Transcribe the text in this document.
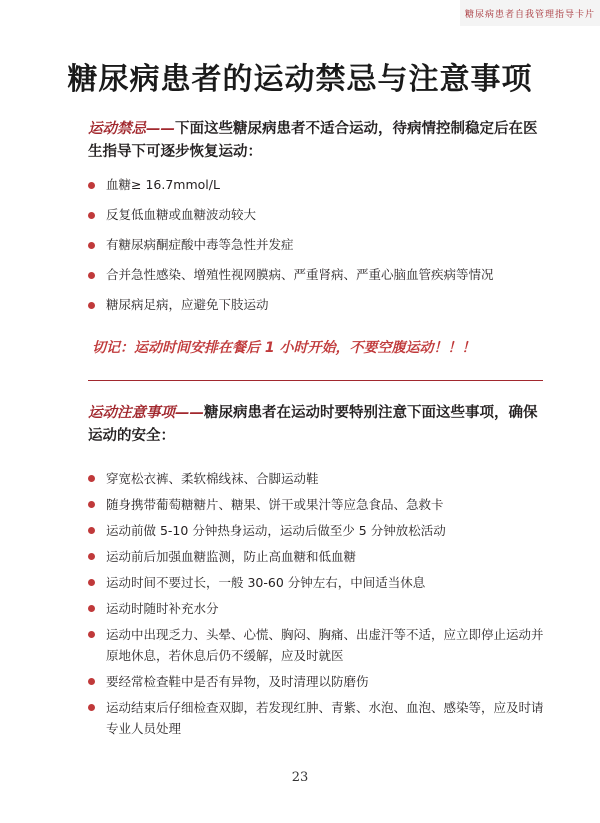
糖尿病患者自我管理指导卡片
糖尿病患者的运动禁忌与注意事项

运动禁忌——下面这些糖尿病患者不适合运动，待病情控制稳定后在医生指导下可逐步恢复运动：

血糖≥ 16.7mmol/L
反复低血糖或血糖波动较大
有糖尿病酮症酸中毒等急性并发症
合并急性感染、增殖性视网膜病、严重肾病、严重心脑血管疾病等情况
糖尿病足病，应避免下肢运动

切记：运动时间安排在餐后 1 小时开始，不要空腹运动！！！

运动注意事项——糖尿病患者在运动时要特别注意下面这些事项，确保运动的安全：

穿宽松衣裤、柔软棉线袜、合脚运动鞋
随身携带葡萄糖糖片、糖果、饼干或果汁等应急食品、急救卡
运动前做 5-10 分钟热身运动，运动后做至少 5 分钟放松活动
运动前后加强血糖监测，防止高血糖和低血糖
运动时间不要过长，一般 30-60 分钟左右，中间适当休息
运动时随时补充水分
运动中出现乏力、头晕、心慌、胸闷、胸痛、出虚汗等不适，应立即停止运动并原地休息，若休息后仍不缓解，应及时就医
要经常检查鞋中是否有异物，及时清理以防磨伤
运动结束后仔细检查双脚，若发现红肿、青紫、水泡、血泡、感染等，应及时请专业人员处理
23
